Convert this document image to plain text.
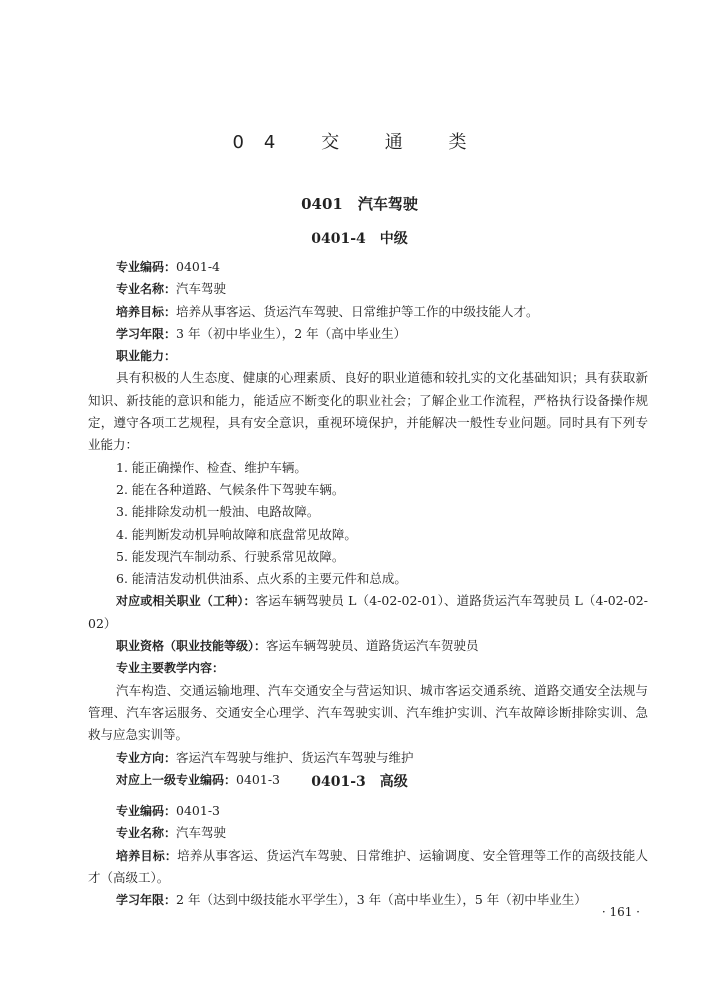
04 交 通 类
0401　汽车驾驶
0401-4　中级
专业编码：0401-4
专业名称：汽车驾驶
培养目标：培养从事客运、货运汽车驾驶、日常维护等工作的中级技能人才。
学习年限：3 年（初中毕业生），2 年（高中毕业生）
职业能力：
具有积极的人生态度、健康的心理素质、良好的职业道德和较扎实的文化基础知识；具有获取新知识、新技能的意识和能力，能适应不断变化的职业社会；了解企业工作流程，严格执行设备操作规定，遵守各项工艺规程，具有安全意识，重视环境保护，并能解决一般性专业问题。同时具有下列专业能力：
1. 能正确操作、检查、维护车辆。
2. 能在各种道路、气候条件下驾驶车辆。
3. 能排除发动机一般油、电路故障。
4. 能判断发动机异响故障和底盘常见故障。
5. 能发现汽车制动系、行驶系常见故障。
6. 能清洁发动机供油系、点火系的主要元件和总成。
对应或相关职业（工种）：客运车辆驾驶员 L（4-02-02-01）、道路货运汽车驾驶员 L（4-02-02-02）
职业资格（职业技能等级）：客运车辆驾驶员、道路货运汽车贺驶员
专业主要教学内容：
汽车构造、交通运输地理、汽车交通安全与营运知识、城市客运交通系统、道路交通安全法规与管理、汽车客运服务、交通安全心理学、汽车驾驶实训、汽车维护实训、汽车故障诊断排除实训、急救与应急实训等。
专业方向：客运汽车驾驶与维护、货运汽车驾驶与维护
对应上一级专业编码：0401-3	0401-3　高级
专业编码：0401-3
专业名称：汽车驾驶
培养目标：培养从事客运、货运汽车驾驶、日常维护、运输调度、安全管理等工作的高级技能人才（高级工）。
学习年限：2 年（达到中级技能水平学生），3 年（高中毕业生），5 年（初中毕业生）
· 161 ·
